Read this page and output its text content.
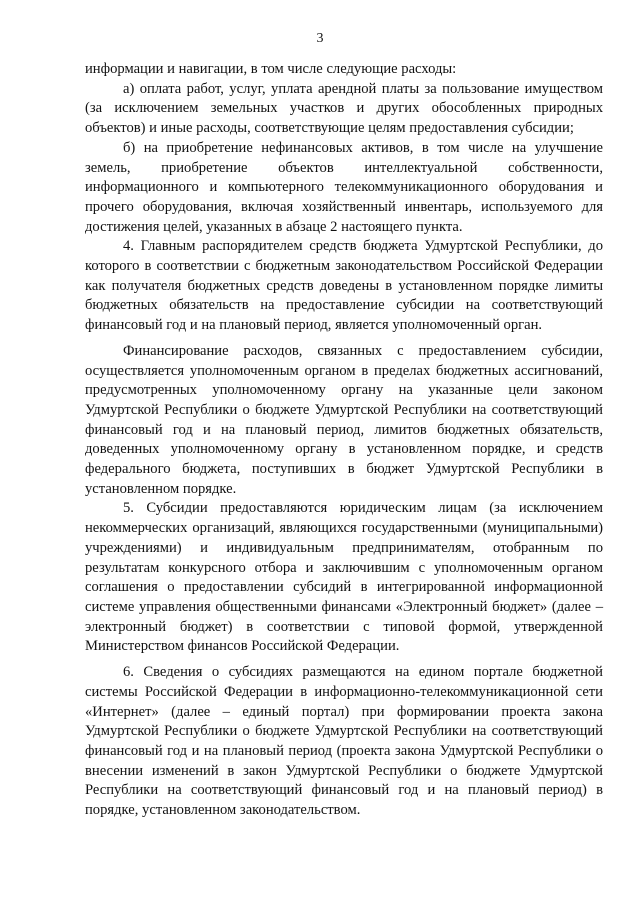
3

информации и навигации, в том числе следующие расходы:

а) оплата работ, услуг, уплата арендной платы за пользование имуществом (за исключением земельных участков и других обособленных природных объектов) и иные расходы, соответствующие целям предоставления субсидии;

б) на приобретение нефинансовых активов, в том числе на улучшение земель, приобретение объектов интеллектуальной собственности, информационного и компьютерного телекоммуникационного оборудования и прочего оборудования, включая хозяйственный инвентарь, используемого для достижения целей, указанных в абзаце 2 настоящего пункта.

4. Главным распорядителем средств бюджета Удмуртской Республики, до которого в соответствии с бюджетным законодательством Российской Федерации как получателя бюджетных средств доведены в установленном порядке лимиты бюджетных обязательств на предоставление субсидии на соответствующий финансовый год и на плановый период, является уполномоченный орган.

Финансирование расходов, связанных с предоставлением субсидии, осуществляется уполномоченным органом в пределах бюджетных ассигнований, предусмотренных уполномоченному органу на указанные цели законом Удмуртской Республики о бюджете Удмуртской Республики на соответствующий финансовый год и на плановый период, лимитов бюджетных обязательств, доведенных уполномоченному органу в установленном порядке, и средств федерального бюджета, поступивших в бюджет Удмуртской Республики в установленном порядке.

5. Субсидии предоставляются юридическим лицам (за исключением некоммерческих организаций, являющихся государственными (муниципальными) учреждениями) и индивидуальным предпринимателям, отобранным по результатам конкурсного отбора и заключившим с уполномоченным органом соглашения о предоставлении субсидий в интегрированной информационной системе управления общественными финансами «Электронный бюджет» (далее – электронный бюджет) в соответствии с типовой формой, утвержденной Министерством финансов Российской Федерации.

6. Сведения о субсидиях размещаются на едином портале бюджетной системы Российской Федерации в информационно-телекоммуникационной сети «Интернет» (далее – единый портал) при формировании проекта закона Удмуртской Республики о бюджете Удмуртской Республики на соответствующий финансовый год и на плановый период (проекта закона Удмуртской Республики о внесении изменений в закон Удмуртской Республики о бюджете Удмуртской Республики на соответствующий финансовый год и на плановый период) в порядке, установленном законодательством.
